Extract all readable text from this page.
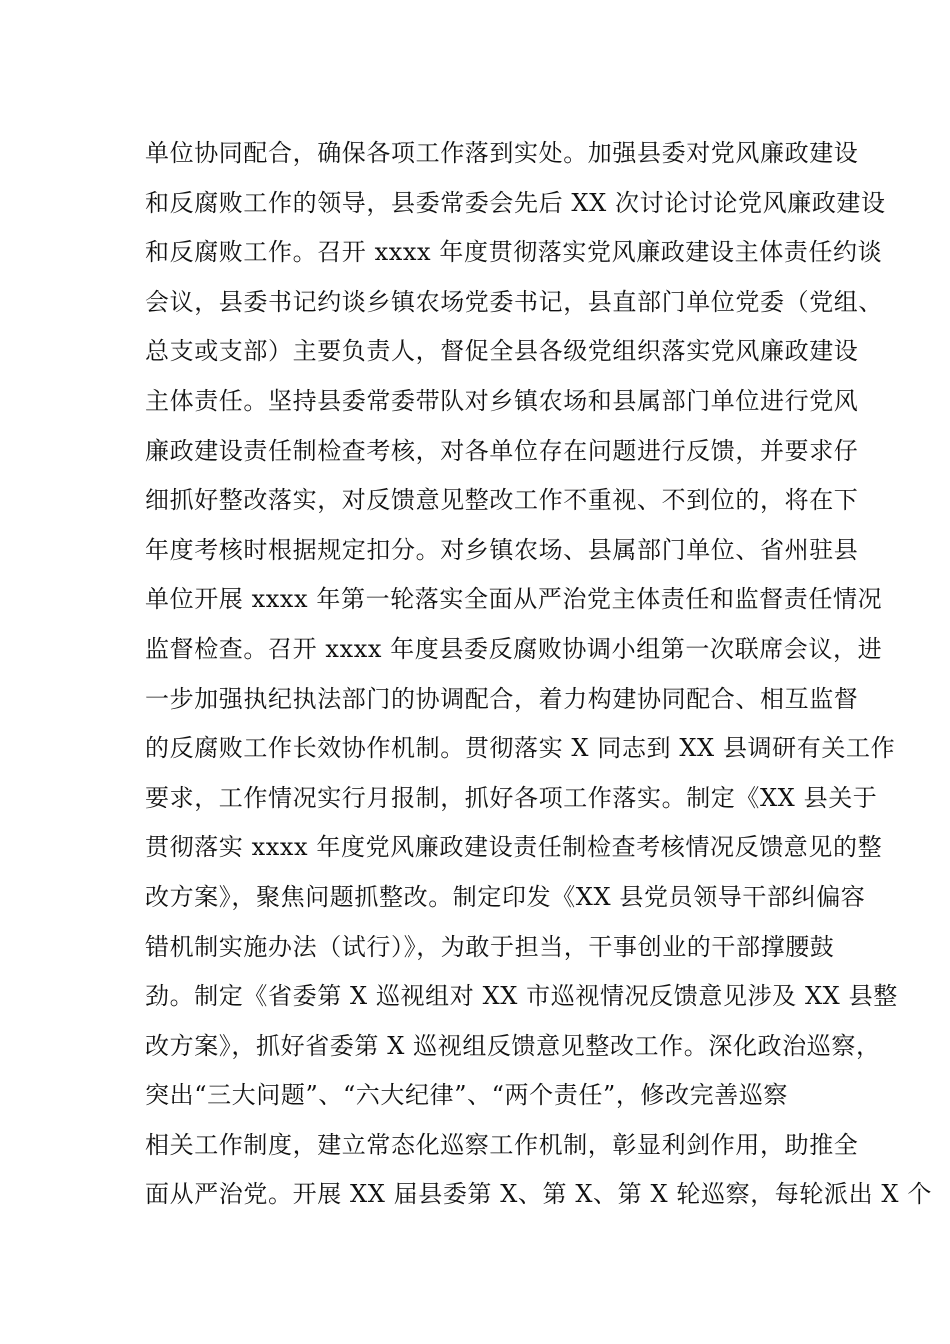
单位协同配合，确保各项工作落到实处。加强县委对党风廉政建设
和反腐败工作的领导，县委常委会先后 XX 次讨论讨论党风廉政建设
和反腐败工作。召开 xxxx 年度贯彻落实党风廉政建设主体责任约谈
会议，县委书记约谈乡镇农场党委书记，县直部门单位党委（党组、
总支或支部）主要负责人，督促全县各级党组织落实党风廉政建设
主体责任。坚持县委常委带队对乡镇农场和县属部门单位进行党风
廉政建设责任制检查考核，对各单位存在问题进行反馈，并要求仔
细抓好整改落实，对反馈意见整改工作不重视、不到位的，将在下
年度考核时根据规定扣分。对乡镇农场、县属部门单位、省州驻县
单位开展 xxxx 年第一轮落实全面从严治党主体责任和监督责任情况
监督检查。召开 xxxx 年度县委反腐败协调小组第一次联席会议，进
一步加强执纪执法部门的协调配合，着力构建协同配合、相互监督
的反腐败工作长效协作机制。贯彻落实 X 同志到 XX 县调研有关工作
要求，工作情况实行月报制，抓好各项工作落实。制定《XX 县关于
贯彻落实 xxxx 年度党风廉政建设责任制检查考核情况反馈意见的整
改方案》，聚焦问题抓整改。制定印发《XX 县党员领导干部纠偏容
错机制实施办法（试行）》，为敢于担当，干事创业的干部撑腰鼓
劲。制定《省委第 X 巡视组对 XX 市巡视情况反馈意见涉及 XX 县整
改方案》，抓好省委第 X 巡视组反馈意见整改工作。深化政治巡察，
突出“三大问题”、“六大纪律”、“两个责任”，修改完善巡察
相关工作制度，建立常态化巡察工作机制，彰显利剑作用，助推全
面从严治党。开展 XX 届县委第 X、第 X、第 X 轮巡察，每轮派出 X 个
